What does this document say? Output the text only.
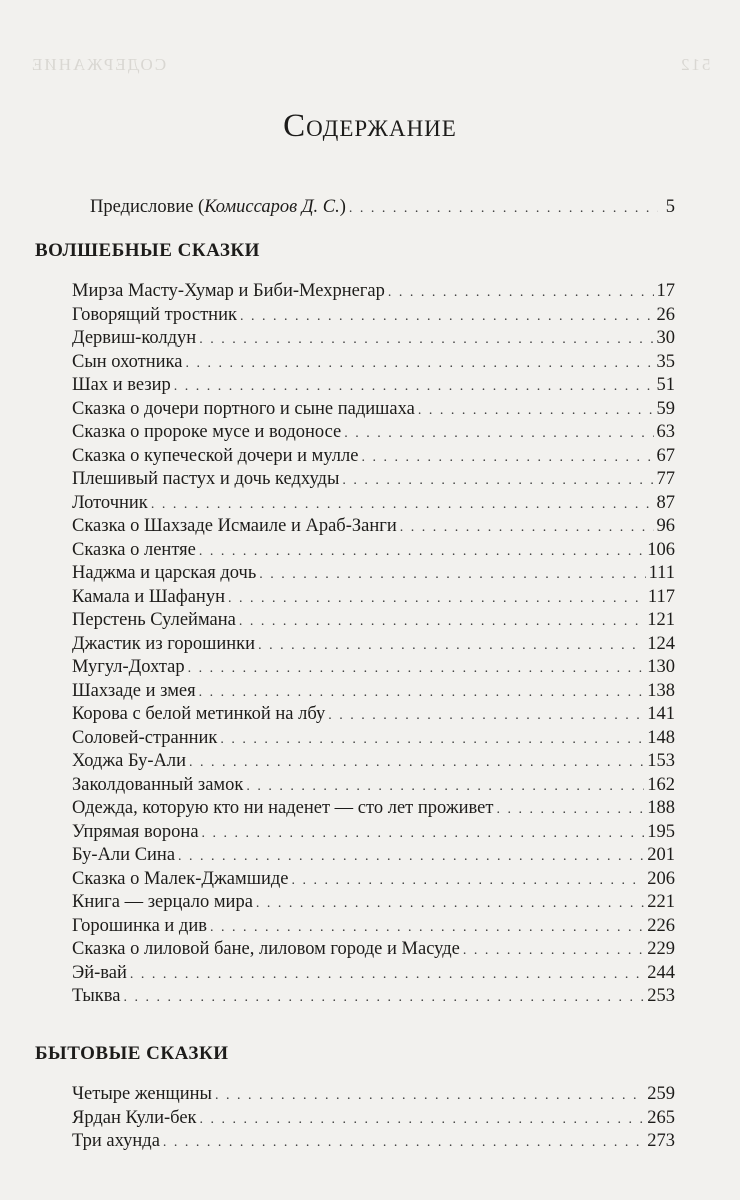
СОДЕРЖАНИЕ	512
Содержание
Предисловие (Комиссаров Д. С.) . . .	5
ВОЛШЕБНЫЕ СКАЗКИ
Мирза Масту-Хумар и Биби-Мехрнегар . . .	17
Говорящий тростник . . .	26
Дервиш-колдун . . .	30
Сын охотника . . .	35
Шах и везир . . .	51
Сказка о дочери портного и сыне падишаха . . .	59
Сказка о пророке мусе и водоносе . . .	63
Сказка о купеческой дочери и мулле . . .	67
Плешивый пастух и дочь кедхуды . . .	77
Лоточник . . .	87
Сказка о Шахзаде Исмаиле и Араб-Занги . . .	96
Сказка о лентяе . . .	106
Наджма и царская дочь . . .	111
Камала и Шафанун . . .	117
Перстень Сулеймана . . .	121
Джастик из горошинки . . .	124
Мугул-Дохтар . . .	130
Шахзаде и змея . . .	138
Корова с белой метинкой на лбу . . .	141
Соловей-странник . . .	148
Ходжа Бу-Али . . .	153
Заколдованный замок . . .	162
Одежда, которую кто ни наденет — сто лет проживет . . .	188
Упрямая ворона . . .	195
Бу-Али Сина . . .	201
Сказка о Малек-Джамшиде . . .	206
Книга — зерцало мира . . .	221
Горошинка и див . . .	226
Сказка о лиловой бане, лиловом городе и Масуде . . .	229
Эй-вай . . .	244
Тыква . . .	253
БЫТОВЫЕ СКАЗКИ
Четыре женщины . . .	259
Ярдан Кули-бек . . .	265
Три ахунда . . .	273
